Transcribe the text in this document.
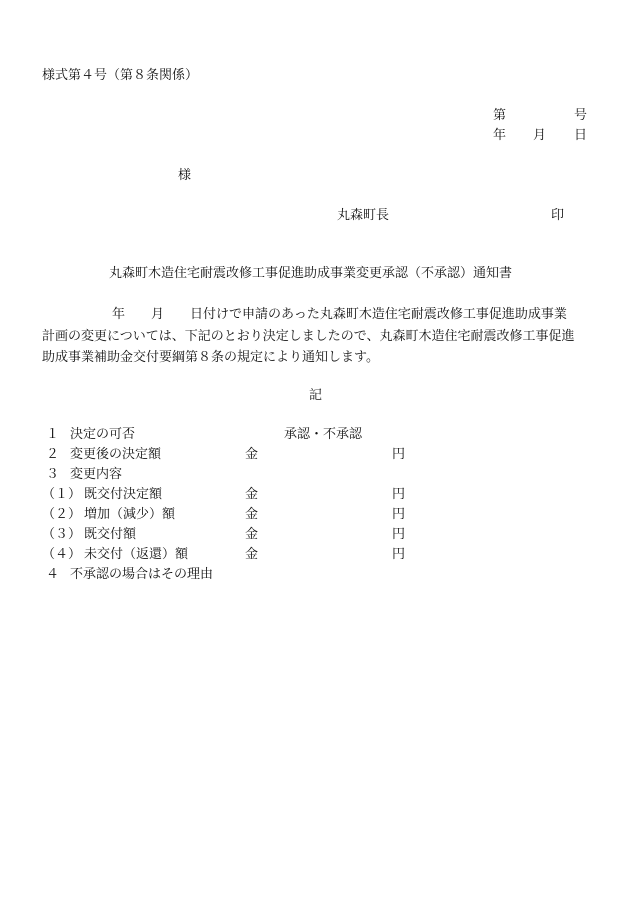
様式第４号（第８条関係）
第	号
年 月 日
様
丸森町長	印
丸森町木造住宅耐震改修工事促進助成事業変更承認（不承認）通知書
年 月 日付けで申請のあった丸森町木造住宅耐震改修工事促進助成事業
計画の変更については、下記のとおり決定しましたので、丸森町木造住宅耐震改修工事促進
助成事業補助金交付要綱第８条の規定により通知します。
記
１ 決定の可否	承認・不承認
２ 変更後の決定額	金	円
３ 変更内容
（１） 既交付決定額	金	円
（２） 増加（減少）額	金	円
（３） 既交付額	金	円
（４） 未交付（返還）額	金	円
４ 不承認の場合はその理由
